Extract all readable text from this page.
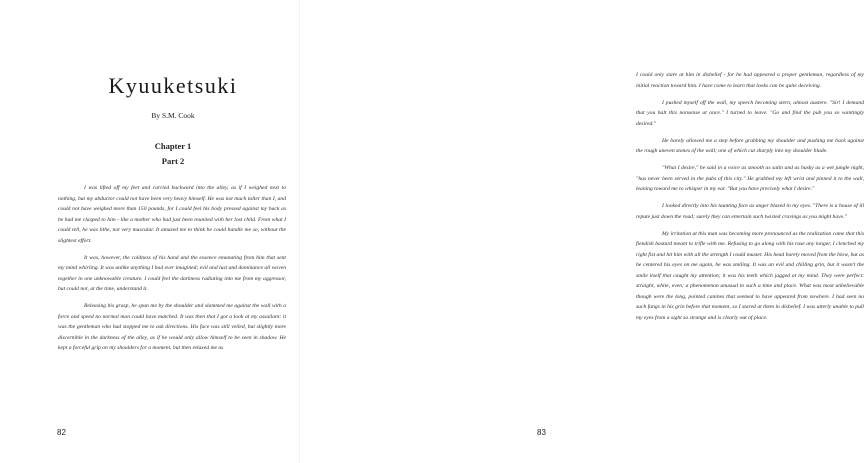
Kyuuketsuki
By S.M. Cook
Chapter 1
Part 2

I was lifted off my feet and carried backward into the alley, as if I weighed next to nothing, but my abductor could not have been very heavy himself. He was not much taller than I, and could not have weighed more than 150 pounds, for I could feel his body pressed against my back as he had me clasped to him - like a mother who had just been reunited with her lost child. From what I could tell, he was lithe, not very muscular. It amazed me to think he could handle me so, without the slightest effort.

It was, however, the coldness of his hand and the essence emanating from him that sent my mind whirling. It was unlike anything I had ever imagined; evil and lust and dominance all woven together in one unknowable creature. I could feel the darkness radiating into me from my aggressor, but could not, at the time, understand it.

Releasing his grasp, he spun me by the shoulder and slammed me against the wall with a force and speed no normal man could have matched. It was then that I got a look at my assailant: it was the gentleman who had stopped me to ask directions. His face was still veiled, but slightly more discernible in the darkness of the alley, as if he would only allow himself to be seen in shadow. He kept a forceful grip on my shoulders for a moment, but then relaxed me as

82

I could only stare at him in disbelief - for he had appeared a proper gentleman, regardless of my initial reaction toward him. I have come to learn that looks can be quite deceiving.

I pushed myself off the wall, my speech becoming stern, almost austere. "Sir! I demand that you halt this nonsense at once." I turned to leave. "Go and find the pub you so wantingly desired."

He barely allowed me a step before grabbing my shoulder and pushing me back against the rough uneven stones of the wall; one of which cut sharply into my shoulder blade.

"What I desire," he said in a voice as smooth as satin and as husky as a wet jungle night, "has never been served in the pubs of this city." He grabbed my left wrist and pinned it to the wall, leaning toward me to whisper in my ear. "But you have precisely what I desire."

I looked directly into his taunting face as anger blazed in my eyes. "There is a house of ill repute just down the road; surely they can entertain such twisted cravings as you might have."

My irritation at this man was becoming more pronounced as the realization came that this fiendish bastard meant to trifle with me. Refusing to go along with his ruse any longer, I clenched my right fist and hit him with all the strength I could muster. His head barely moved from the blow, but as he centered his eyes on me again, he was smiling. It was an evil and chilling grin, but it wasn't the smile itself that caught my attention; it was his teeth which jagged at my mind. They were perfect: straight, white, even; a phenomenon unusual to such a time and place. What was most unbelievable though were the long, pointed canines that seemed to have appeared from nowhere. I had seen no such fangs in his grin before that moment, so I stared at them in disbelief. I was utterly unable to pull my eyes from a sight so strange and is clearly out of place.

83
